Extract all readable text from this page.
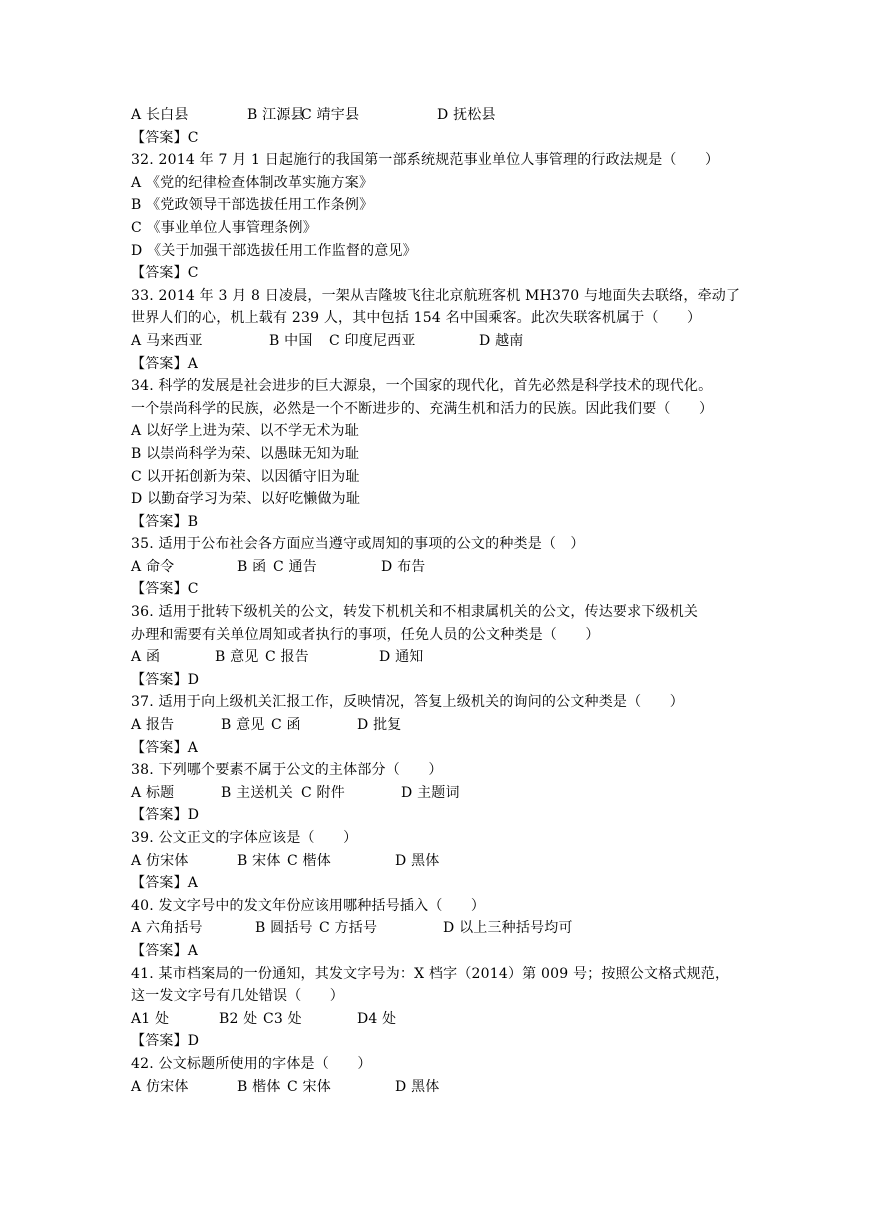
A 长白县	B 江源县
C 靖宇县	D 抚松县
【答案】C
32. 2014 年 7 月 1 日起施行的我国第一部系统规范事业单位人事管理的行政法规是（　　）
A 《党的纪律检查体制改革实施方案》
B 《党政领导干部选拔任用工作条例》
C 《事业单位人事管理条例》
D 《关于加强干部选拔任用工作监督的意见》
【答案】C
33. 2014 年 3 月 8 日凌晨，一架从吉隆坡飞往北京航班客机 MH370 与地面失去联络，牵动了
世界人们的心，机上载有 239 人，其中包括 154 名中国乘客。此次失联客机属于（　　）
A 马来西亚	B 中国	C 印度尼西亚	D 越南
【答案】A
34. 科学的发展是社会进步的巨大源泉，一个国家的现代化，首先必然是科学技术的现代化。
一个崇尚科学的民族，必然是一个不断进步的、充满生机和活力的民族。因此我们要（　　）
A 以好学上进为荣、以不学无术为耻
B 以崇尚科学为荣、以愚昧无知为耻
C 以开拓创新为荣、以因循守旧为耻
D 以勤奋学习为荣、以好吃懒做为耻
【答案】B
35. 适用于公布社会各方面应当遵守或周知的事项的公文的种类是（　）
A 命令	B 函 C 通告	D 布告
【答案】C
36. 适用于批转下级机关的公文，转发下机机关和不相隶属机关的公文，传达要求下级机关
办理和需要有关单位周知或者执行的事项，任免人员的公文种类是（　　）
A 函	B 意见 C 报告	D 通知
【答案】D
37. 适用于向上级机关汇报工作，反映情况，答复上级机关的询问的公文种类是（　　）
A 报告	B 意见 C 函	D 批复
【答案】A
38. 下列哪个要素不属于公文的主体部分（　　）
A 标题	B 主送机关 C 附件	D 主题词
【答案】D
39. 公文正文的字体应该是（　　）
A 仿宋体	B 宋体 C 楷体	D 黑体
【答案】A
40. 发文字号中的发文年份应该用哪种括号插入（　　）
A 六角括号	B 圆括号 C 方括号	D 以上三种括号均可
【答案】A
41. 某市档案局的一份通知，其发文字号为：X 档字（2014）第 009 号；按照公文格式规范，
这一发文字号有几处错误（　　）
A1 处	B2 处 C3 处	D4 处
【答案】D
42. 公文标题所使用的字体是（　　）
A 仿宋体	B 楷体 C 宋体	D 黑体
